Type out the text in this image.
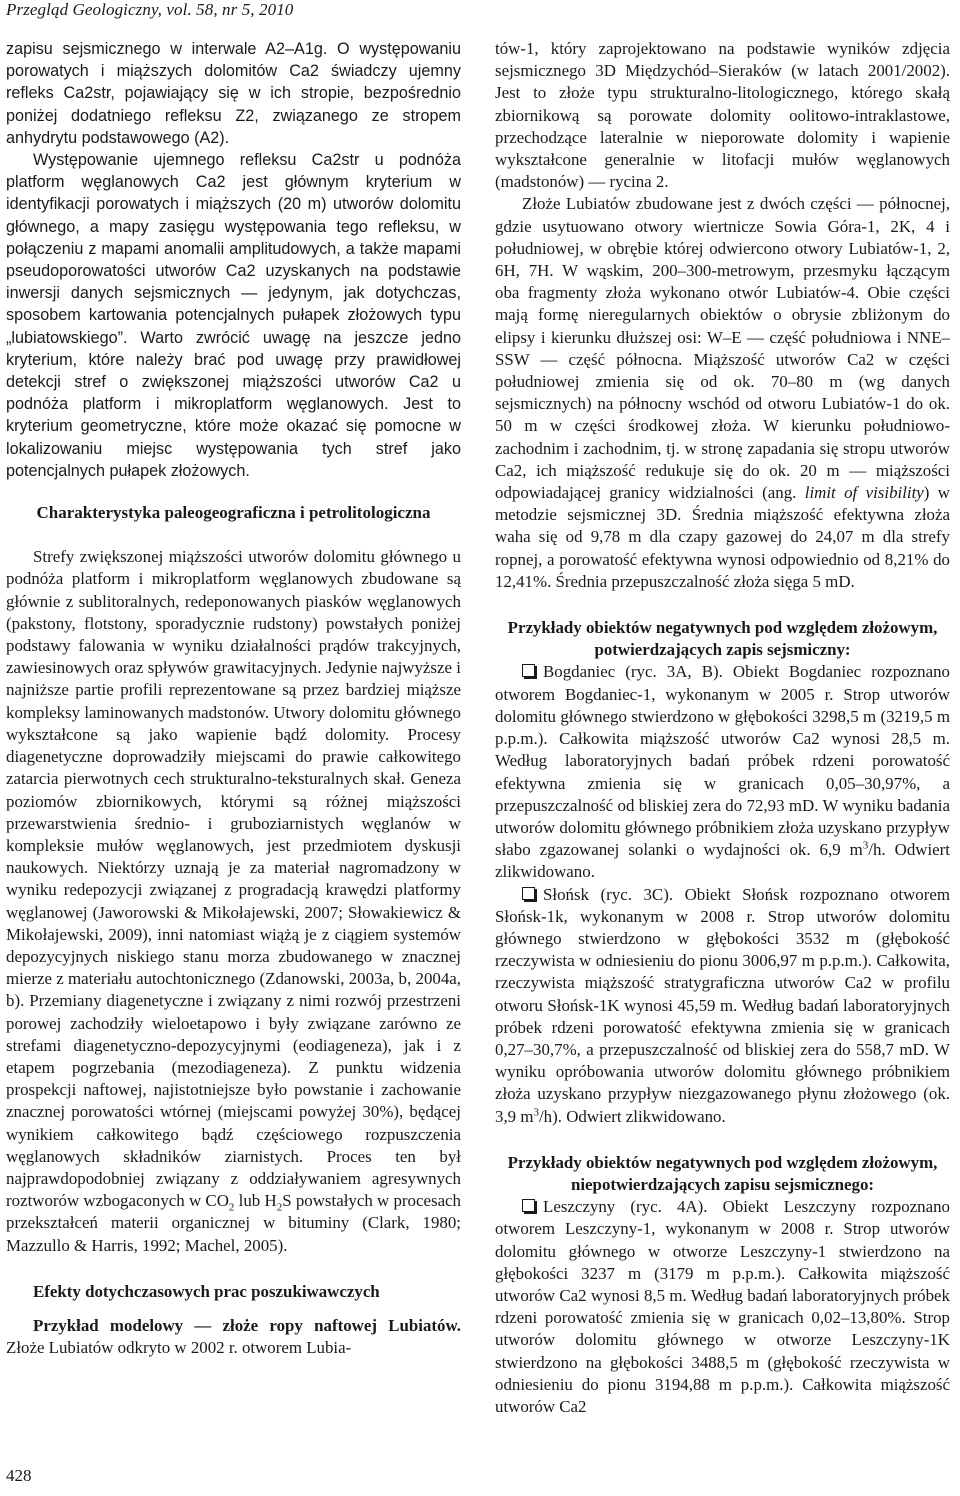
Przegląd Geologiczny, vol. 58, nr 5, 2010

zapisu sejsmicznego w interwale A2–A1g. O występowaniu porowatych i miąższych dolomitów Ca2 świadczy ujemny refleks Ca2str, pojawiający się w ich stropie, bezpośrednio poniżej dodatniego refleksu Z2, związanego ze stropem anhydrytu podstawowego (A2).

Występowanie ujemnego refleksu Ca2str u podnóża platform węglanowych Ca2 jest głównym kryterium w identyfikacji porowatych i miąższych (20 m) utworów dolomitu głównego, a mapy zasięgu występowania tego refleksu, w połączeniu z mapami anomalii amplitudowych, a także mapami pseudoporowatości utworów Ca2 uzyskanych na podstawie inwersji danych sejsmicznych — jedynym, jak dotychczas, sposobem kartowania potencjalnych pułapek złożowych typu „lubiatowskiego”. Warto zwrócić uwagę na jeszcze jedno kryterium, które należy brać pod uwagę przy prawidłowej detekcji stref o zwiększonej miąższości utworów Ca2 u podnóża platform i mikroplatform węglanowych. Jest to kryterium geometryczne, które może okazać się pomocne w lokalizowaniu miejsc występowania tych stref jako potencjalnych pułapek złożowych.

Charakterystyka paleogeograficzna i petrolitologiczna

Strefy zwiększonej miąższości utworów dolomitu głównego u podnóża platform i mikroplatform węglanowych zbudowane są głównie z sublitoralnych, redeponowanych piasków węglanowych (pakstony, flotstony, sporadycznie rudstony) powstałych poniżej podstawy falowania w wyniku działalności prądów trakcyjnych, zawiesinowych oraz spływów grawitacyjnych. Jedynie najwyższe i najniższe partie profili reprezentowane są przez bardziej miąższe kompleksy laminowanych madstonów. Utwory dolomitu głównego wykształcone są jako wapienie bądź dolomity. Procesy diagenetyczne doprowadziły miejscami do prawie całkowitego zatarcia pierwotnych cech strukturalno-teksturalnych skał. Geneza poziomów zbiornikowych, którymi są różnej miąższości przewarstwienia średnio- i gruboziarnistych węglanów w kompleksie mułów węglanowych, jest przedmiotem dyskusji naukowych. Niektórzy uznają je za materiał nagromadzony w wyniku redepozycji związanej z progradacją krawędzi platformy węglanowej (Jaworowski & Mikołajewski, 2007; Słowakiewicz & Mikołajewski, 2009), inni natomiast wiążą je z ciągiem systemów depozycyjnych niskiego stanu morza zbudowanego w znacznej mierze z materiału autochtonicznego (Zdanowski, 2003a, b, 2004a, b). Przemiany diagenetyczne i związany z nimi rozwój przestrzeni porowej zachodziły wieloetapowo i były związane zarówno ze strefami diagenetyczno-depozycyjnymi (eodiageneza), jak i z etapem pogrzebania (mezodiageneza). Z punktu widzenia prospekcji naftowej, najistotniejsze było powstanie i zachowanie znacznej porowatości wtórnej (miejscami powyżej 30%), będącej wynikiem całkowitego bądź częściowego rozpuszczenia węglanowych składników ziarnistych. Proces ten był najprawdopodobniej związany z oddziaływaniem agresywnych roztworów wzbogaconych w $CO_2$ lub $H_2S$ powstałych w procesach przekształceń materii organicznej w bituminy (Clark, 1980; Mazzullo & Harris, 1992; Machel, 2005).

Efekty dotychczasowych prac poszukiwawczych

Przykład modelowy — złoże ropy naftowej Lubiatów. Złoże Lubiatów odkryto w 2002 r. otworem Lubia-

tów-1, który zaprojektowano na podstawie wyników zdjęcia sejsmicznego 3D Międzychód–Sieraków (w latach 2001/2002). Jest to złoże typu strukturalno-litologicznego, którego skałą zbiornikową są porowate dolomity oolitowo-intraklastowe, przechodzące lateralnie w nieporowate dolomity i wapienie wykształcone generalnie w litofacji mułów węglanowych (madstonów) — rycina 2.

Złoże Lubiatów zbudowane jest z dwóch części — północnej, gdzie usytuowano otwory wiertnicze Sowia Góra-1, 2K, 4 i południowej, w obrębie której odwiercono otwory Lubiatów-1, 2, 6H, 7H. W wąskim, 200–300-metrowym, przesmyku łączącym oba fragmenty złoża wykonano otwór Lubiatów-4. Obie części mają formę nieregularnych obiektów o obrysie zbliżonym do elipsy i kierunku dłuższej osi: W–E — część południowa i NNE–SSW — część północna. Miąższość utworów Ca2 w części południowej zmienia się od ok. 70–80 m (wg danych sejsmicznych) na północny wschód od otworu Lubiatów-1 do ok. 50 m w części środkowej złoża. W kierunku południowo-zachodnim i zachodnim, tj. w stronę zapadania się stropu utworów Ca2, ich miąższość redukuje się do ok. 20 m — miąższości odpowiadającej granicy widzialności (ang. limit of visibility) w metodzie sejsmicznej 3D. Średnia miąższość efektywna złoża waha się od 9,78 m dla czapy gazowej do 24,07 m dla strefy ropnej, a porowatość efektywna wynosi odpowiednio od 8,21% do 12,41%. Średnia przepuszczalność złoża sięga 5 mD.

Przykłady obiektów negatywnych pod względem złożowym, potwierdzających zapis sejsmiczny:

Bogdaniec (ryc. 3A, B). Obiekt Bogdaniec rozpoznano otworem Bogdaniec-1, wykonanym w 2005 r. Strop utworów dolomitu głównego stwierdzono w głębokości 3298,5 m (3219,5 m p.p.m.). Całkowita miąższość utworów Ca2 wynosi 28,5 m. Według laboratoryjnych badań próbek rdzeni porowatość efektywna zmienia się w granicach 0,05–30,97%, a przepuszczalność od bliskiej zera do 72,93 mD. W wyniku badania utworów dolomitu głównego próbnikiem złoża uzyskano przypływ słabo zgazowanej solanki o wydajności ok. 6,9 $m^3/h$. Odwiert zlikwidowano.

Słońsk (ryc. 3C). Obiekt Słońsk rozpoznano otworem Słońsk-1k, wykonanym w 2008 r. Strop utworów dolomitu głównego stwierdzono w głębokości 3532 m (głębokość rzeczywista w odniesieniu do pionu 3006,97 m p.p.m.). Całkowita, rzeczywista miąższość stratygraficzna utworów Ca2 w profilu otworu Słońsk-1K wynosi 45,59 m. Według badań laboratoryjnych próbek rdzeni porowatość efektywna zmienia się w granicach 0,27–30,7%, a przepuszczalność od bliskiej zera do 558,7 mD. W wyniku opróbowania utworów dolomitu głównego próbnikiem złoża uzyskano przypływ niezgazowanego płynu złożowego (ok. 3,9 $m^3/h$). Odwiert zlikwidowano.

Przykłady obiektów negatywnych pod względem złożowym, niepotwierdzających zapisu sejsmicznego:

Leszczyny (ryc. 4A). Obiekt Leszczyny rozpoznano otworem Leszczyny-1, wykonanym w 2008 r. Strop utworów dolomitu głównego w otworze Leszczyny-1 stwierdzono na głębokości 3237 m (3179 m p.p.m.). Całkowita miąższość utworów Ca2 wynosi 8,5 m. Według badań laboratoryjnych próbek rdzeni porowatość zmienia się w granicach 0,02–13,80%. Strop utworów dolomitu głównego w otworze Leszczyny-1K stwierdzono na głębokości 3488,5 m (głębokość rzeczywista w odniesieniu do pionu 3194,88 m p.p.m.). Całkowita miąższość utworów Ca2

428
